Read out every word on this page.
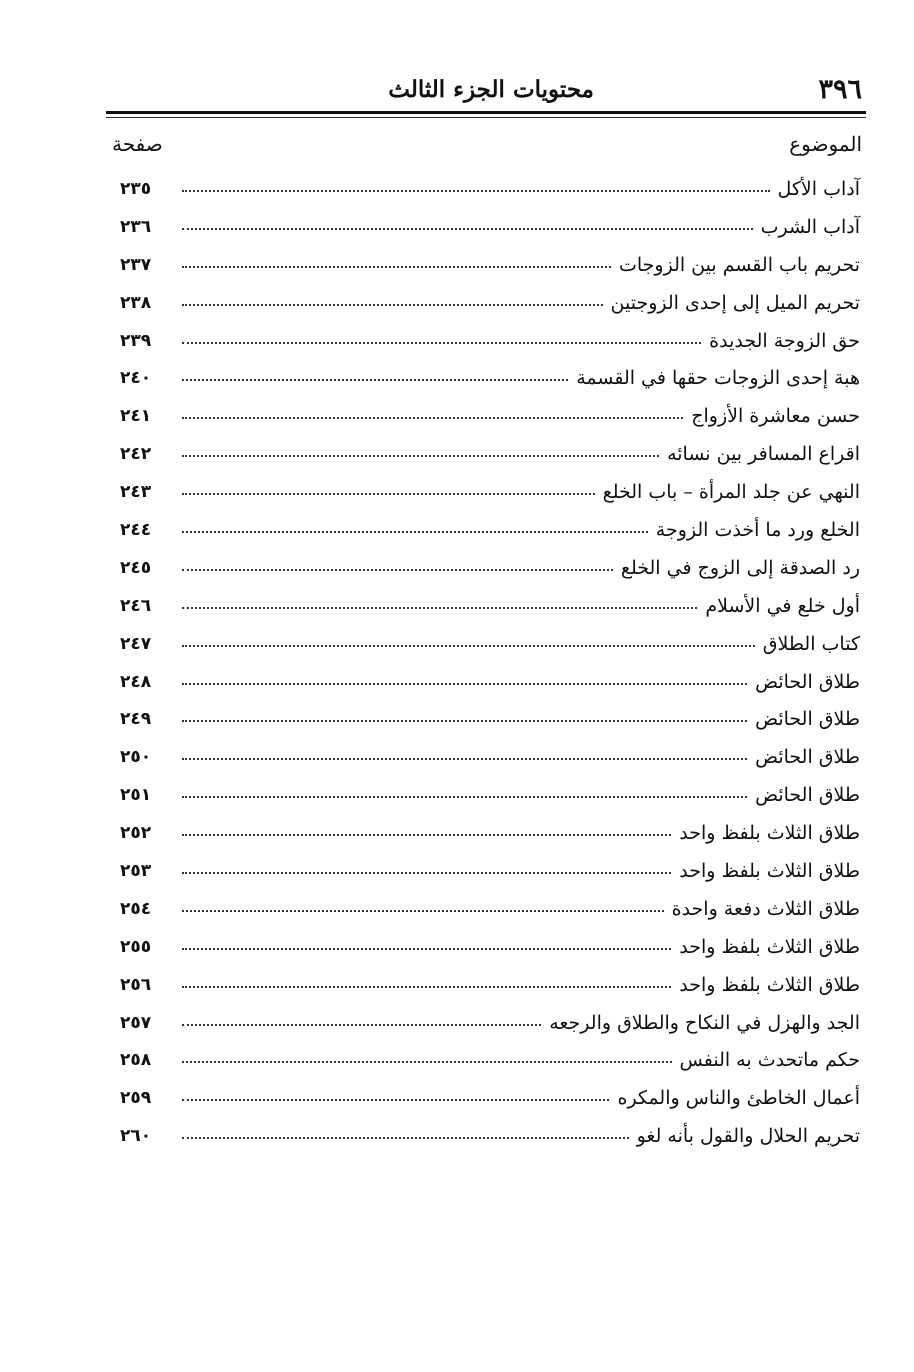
٣٩٦
محتويات الجزء الثالث
الموضوع
صفحة
آداب الأكل
٢٣٥
آداب الشرب
٢٣٦
تحريم باب القسم بين الزوجات
٢٣٧
تحريم الميل إلى إحدى الزوجتين
٢٣٨
حق الزوجة الجديدة
٢٣٩
هبة إحدى الزوجات حقها في القسمة
٢٤٠
حسن معاشرة الأزواج
٢٤١
اقراع المسافر بين نسائه
٢٤٢
النهي عن جلد المرأة – باب الخلع
٢٤٣
الخلع ورد ما أخذت الزوجة
٢٤٤
رد الصدقة إلى الزوج في الخلع
٢٤٥
أول خلع في الأسلام
٢٤٦
كتاب الطلاق
٢٤٧
طلاق الحائض
٢٤٨
طلاق الحائض
٢٤٩
طلاق الحائض
٢٥٠
طلاق الحائض
٢٥١
طلاق الثلاث بلفظ واحد
٢٥٢
طلاق الثلاث بلفظ واحد
٢٥٣
طلاق الثلاث دفعة واحدة
٢٥٤
طلاق الثلاث بلفظ واحد
٢٥٥
طلاق الثلاث بلفظ واحد
٢٥٦
الجد والهزل في النكاح والطلاق والرجعه
٢٥٧
حكم ماتحدث به النفس
٢٥٨
أعمال الخاطئ والناس والمكره
٢٥٩
تحريم الحلال والقول بأنه لغو
٢٦٠
